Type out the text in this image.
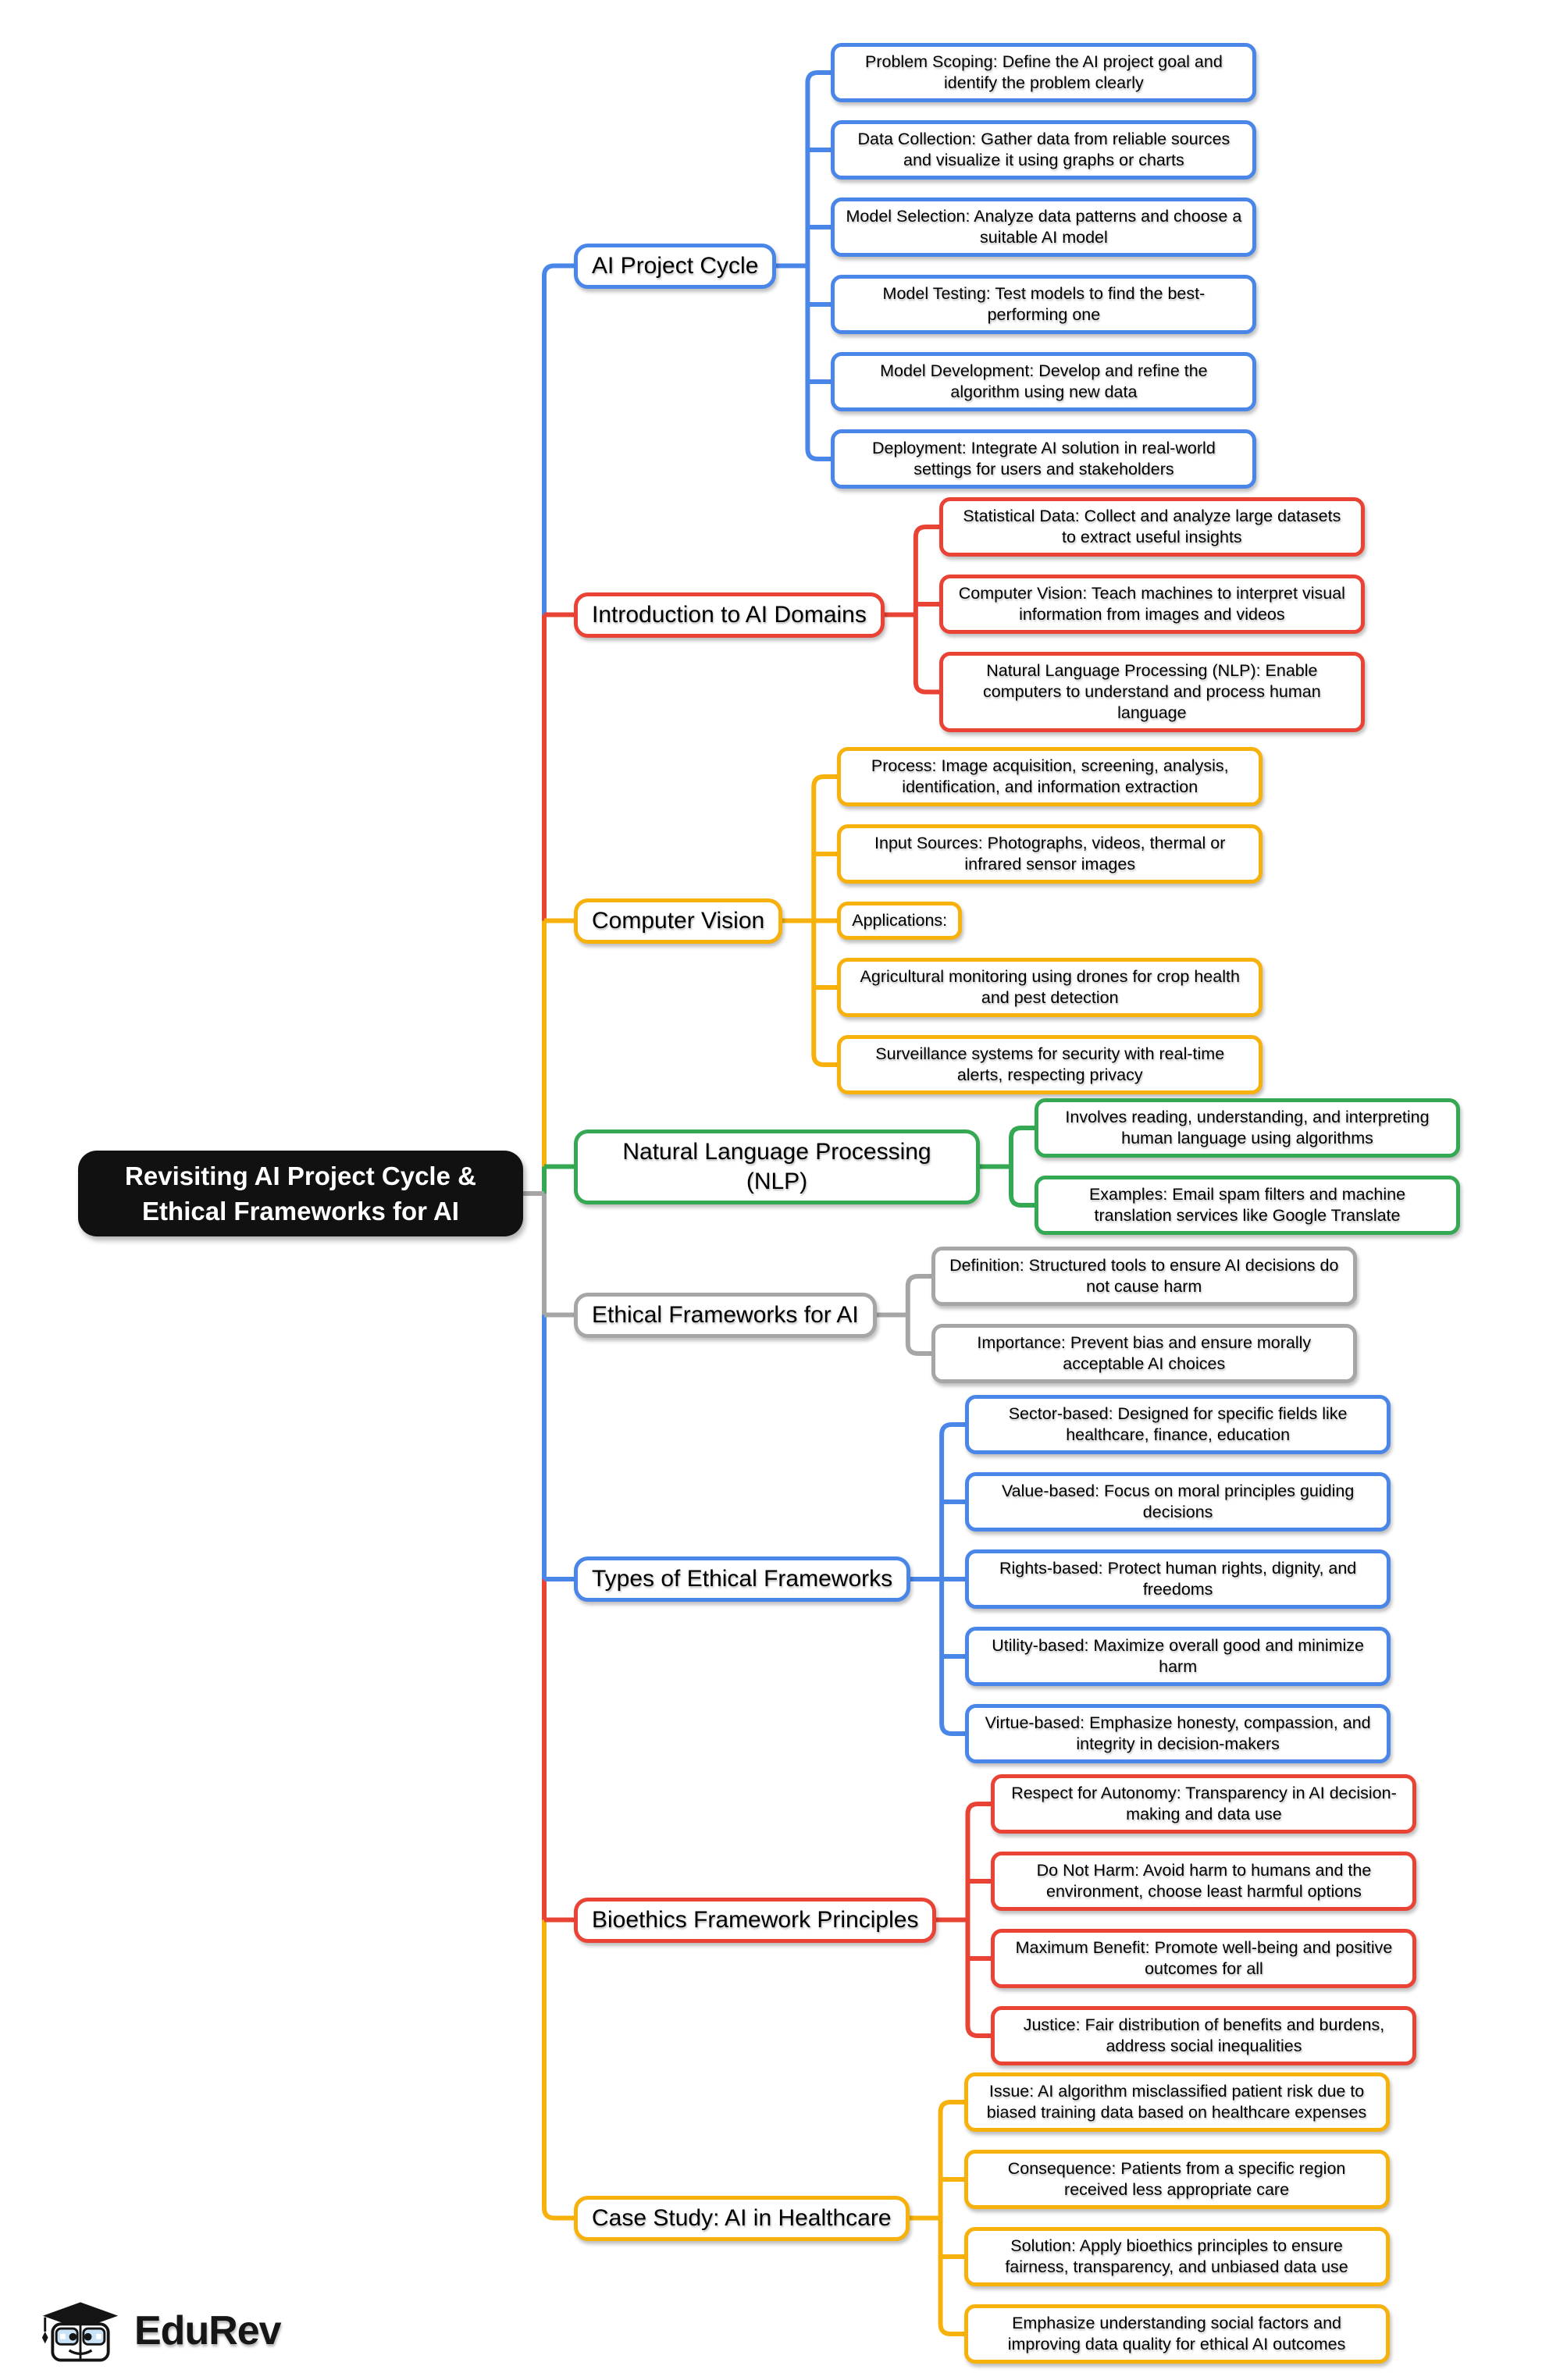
Revisiting AI Project Cycle & Ethical Frameworks for AI
AI Project Cycle
Problem Scoping: Define the AI project goal and identify the problem clearly
Data Collection: Gather data from reliable sources and visualize it using graphs or charts
Model Selection: Analyze data patterns and choose a suitable AI model
Model Testing: Test models to find the best-performing one
Model Development: Develop and refine the algorithm using new data
Deployment: Integrate AI solution in real-world settings for users and stakeholders
Introduction to AI Domains
Statistical Data: Collect and analyze large datasets to extract useful insights
Computer Vision: Teach machines to interpret visual information from images and videos
Natural Language Processing (NLP): Enable computers to understand and process human language
Computer Vision
Process: Image acquisition, screening, analysis, identification, and information extraction
Input Sources: Photographs, videos, thermal or infrared sensor images
Applications:
Agricultural monitoring using drones for crop health and pest detection
Surveillance systems for security with real-time alerts, respecting privacy
Natural Language Processing (NLP)
Involves reading, understanding, and interpreting human language using algorithms
Examples: Email spam filters and machine translation services like Google Translate
Ethical Frameworks for AI
Definition: Structured tools to ensure AI decisions do not cause harm
Importance: Prevent bias and ensure morally acceptable AI choices
Types of Ethical Frameworks
Sector-based: Designed for specific fields like healthcare, finance, education
Value-based: Focus on moral principles guiding decisions
Rights-based: Protect human rights, dignity, and freedoms
Utility-based: Maximize overall good and minimize harm
Virtue-based: Emphasize honesty, compassion, and integrity in decision-makers
Bioethics Framework Principles
Respect for Autonomy: Transparency in AI decision-making and data use
Do Not Harm: Avoid harm to humans and the environment, choose least harmful options
Maximum Benefit: Promote well-being and positive outcomes for all
Justice: Fair distribution of benefits and burdens, address social inequalities
Case Study: AI in Healthcare
Issue: AI algorithm misclassified patient risk due to biased training data based on healthcare expenses
Consequence: Patients from a specific region received less appropriate care
Solution: Apply bioethics principles to ensure fairness, transparency, and unbiased data use
Emphasize understanding social factors and improving data quality for ethical AI outcomes
EduRev
